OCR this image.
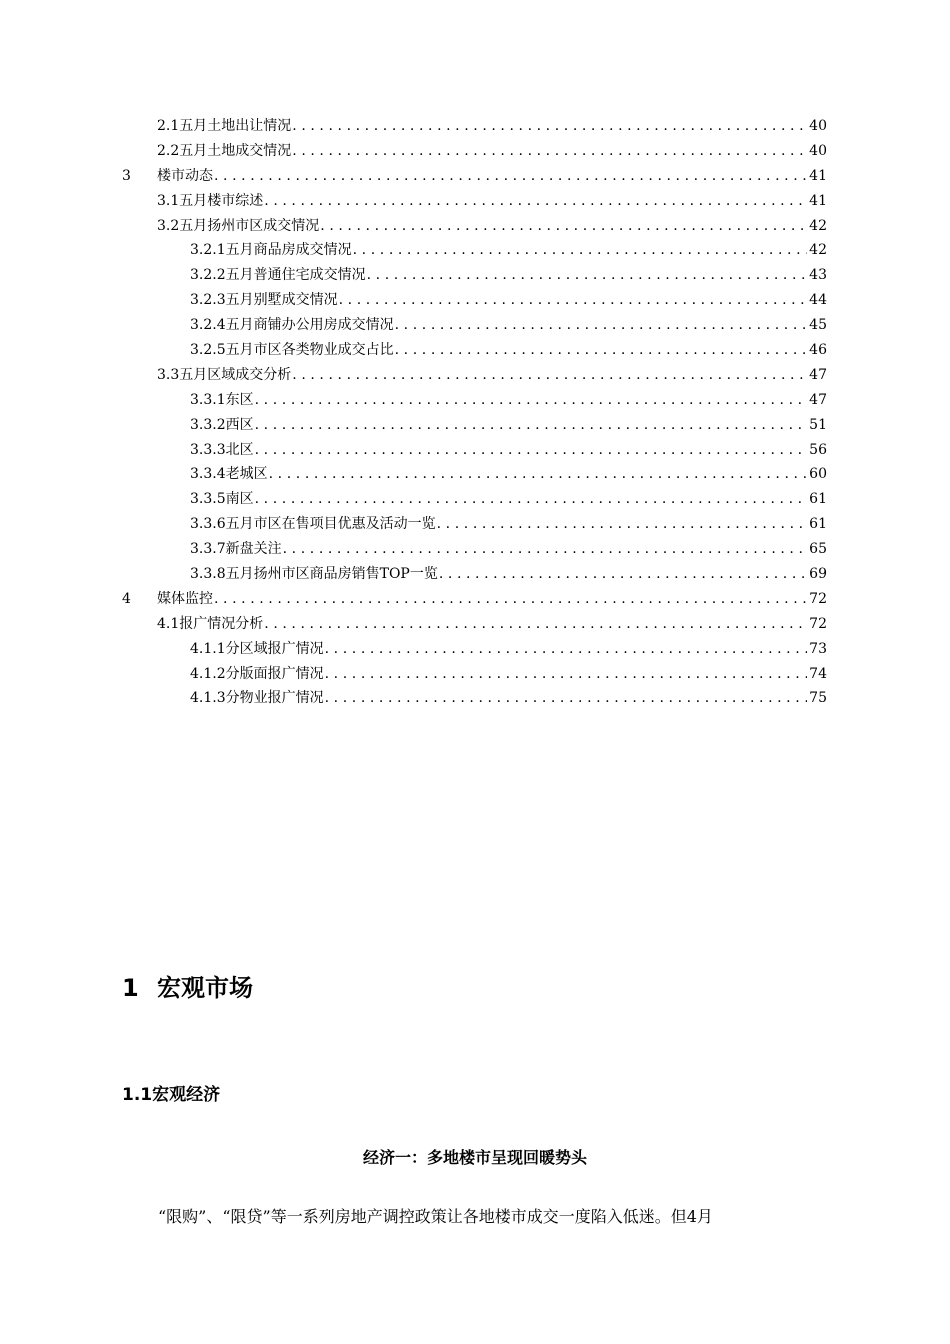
2.1五月土地出让情况 .....	40
2.2五月土地成交情况 .....	40
3 楼市动态 .....	41
3.1五月楼市综述 .....	41
3.2五月扬州市区成交情况 .....	42
3.2.1五月商品房成交情况 .....	42
3.2.2五月普通住宅成交情况 .....	43
3.2.3五月别墅成交情况 .....	44
3.2.4五月商铺办公用房成交情况 .....	45
3.2.5五月市区各类物业成交占比 .....	46
3.3五月区域成交分析 .....	47
3.3.1东区 .....	47
3.3.2西区 .....	51
3.3.3北区 .....	56
3.3.4老城区 .....	60
3.3.5南区 .....	61
3.3.6五月市区在售项目优惠及活动一览 .....	61
3.3.7新盘关注 .....	65
3.3.8五月扬州市区商品房销售TOP一览 .....	69
4 媒体监控 .....	72
4.1报广情况分析 .....	72
4.1.1分区域报广情况 .....	73
4.1.2分版面报广情况 .....	74
4.1.3分物业报广情况 .....	75
1 宏观市场
1.1宏观经济
经济一：多地楼市呈现回暖势头
“限购”、“限贷”等一系列房地产调控政策让各地楼市成交一度陷入低迷。但4月
